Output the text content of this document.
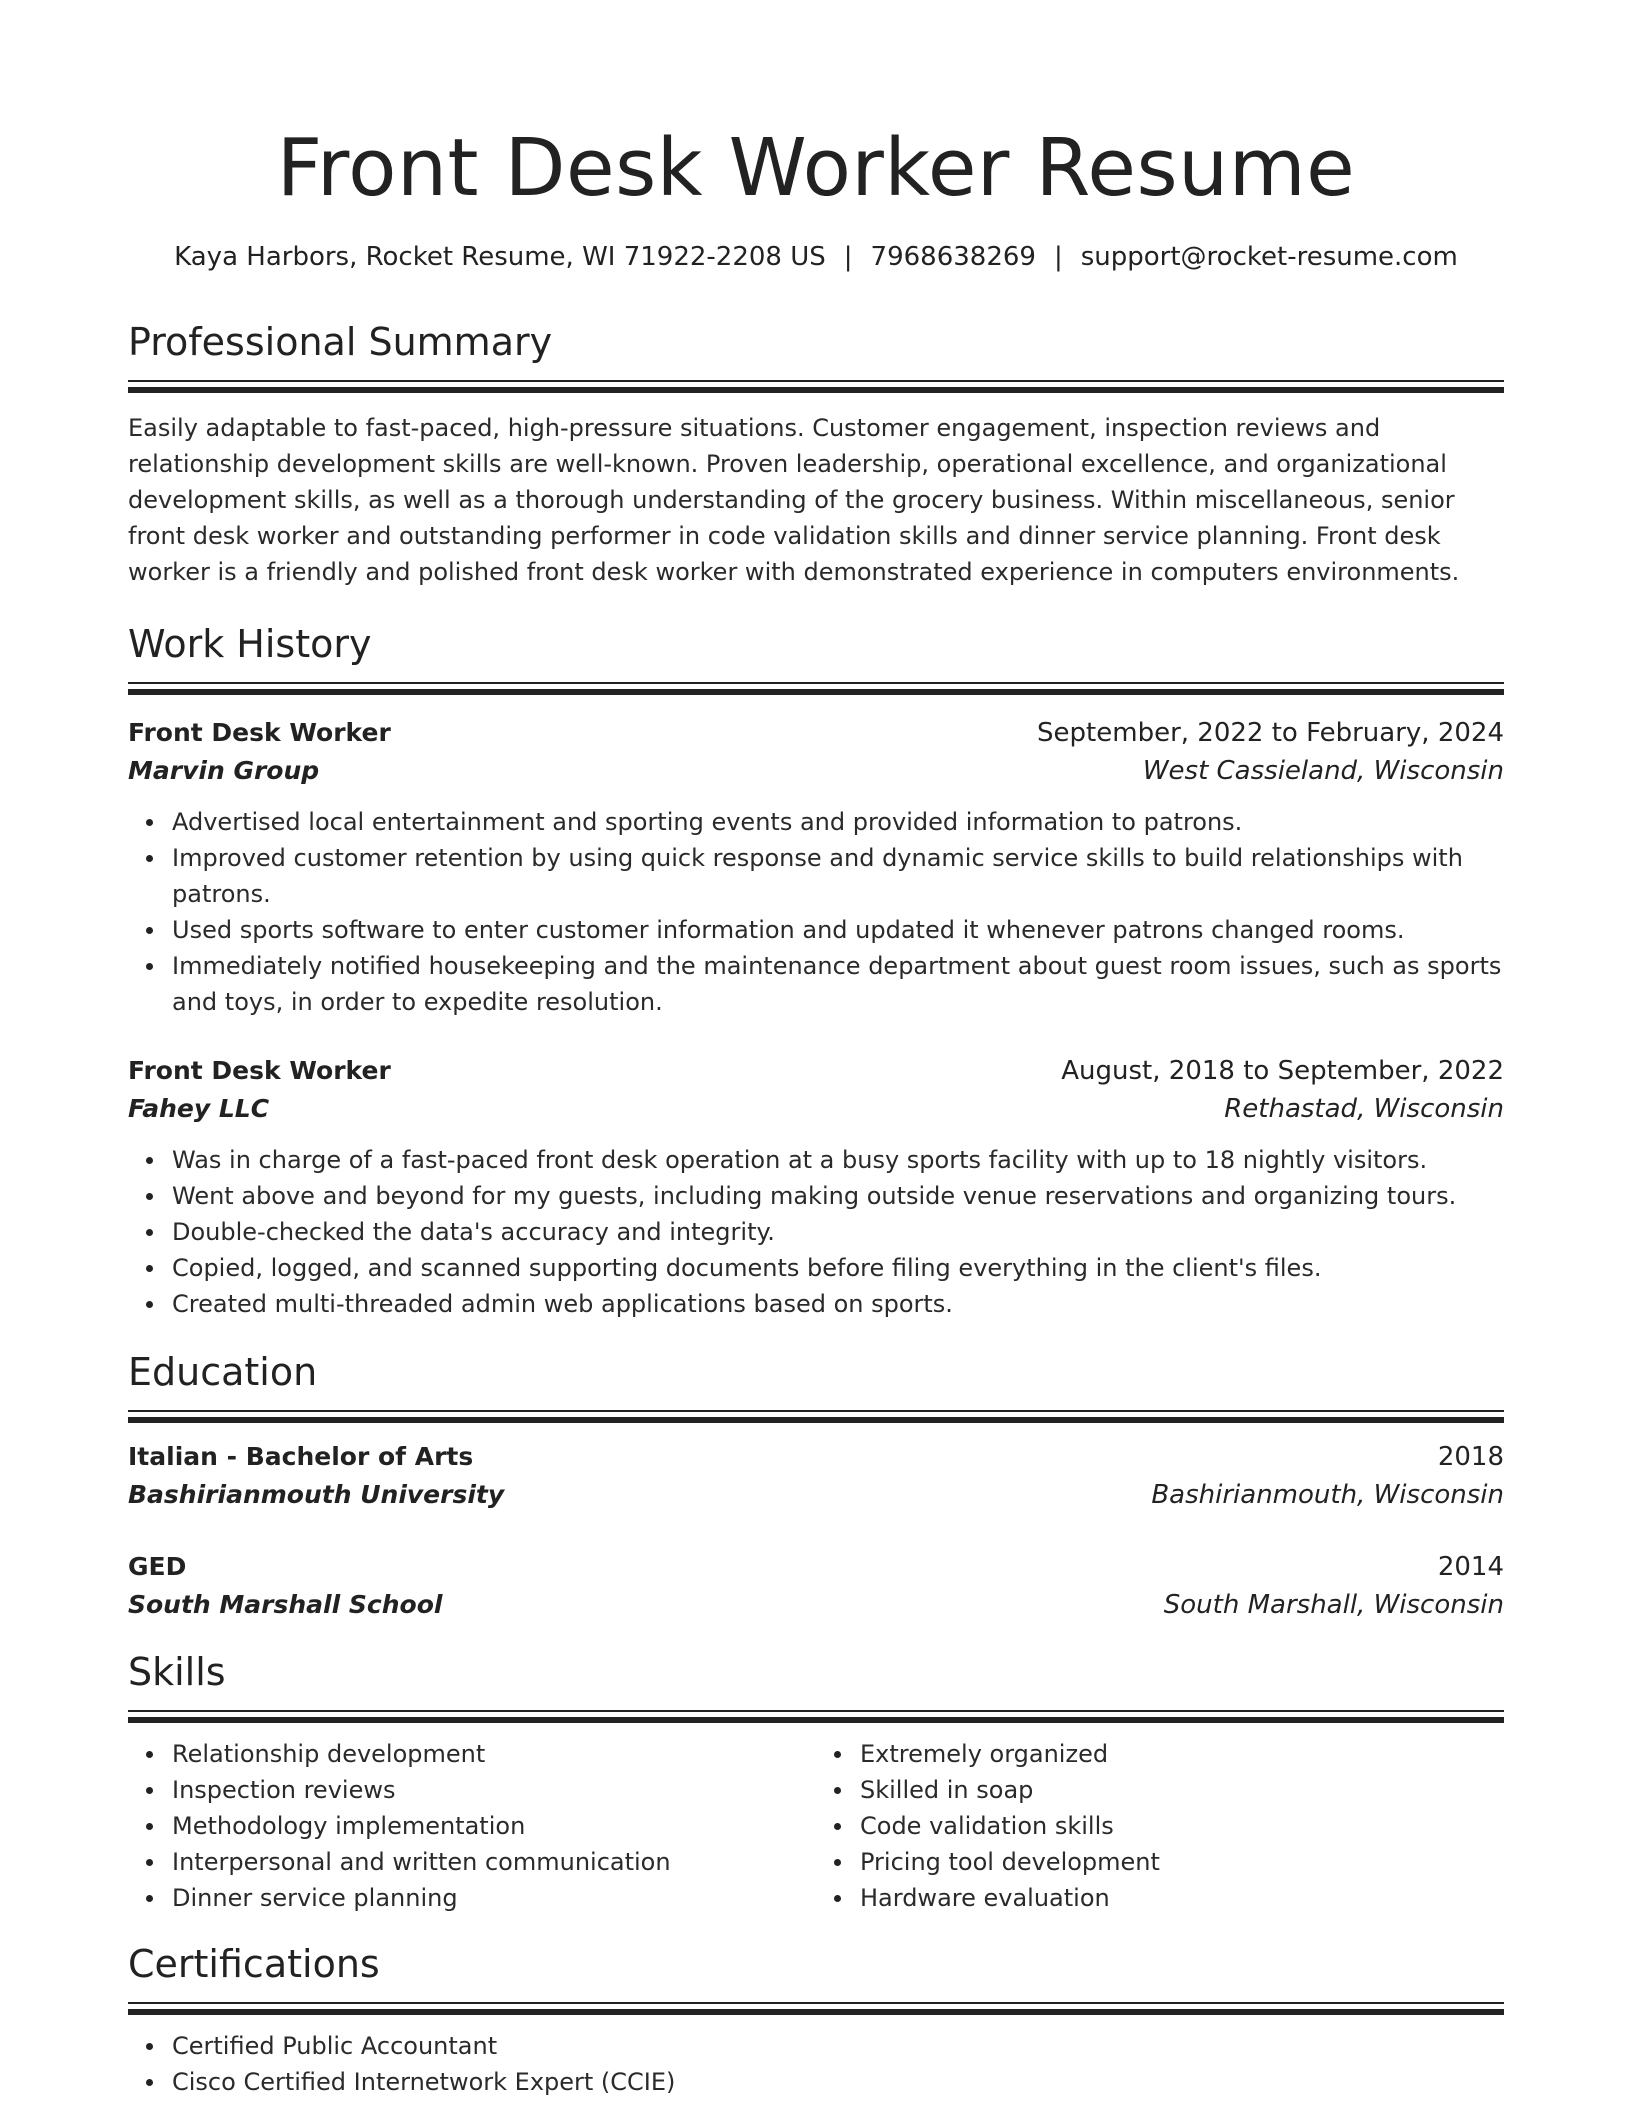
Front Desk Worker Resume
Kaya Harbors, Rocket Resume, WI 71922-2208 US | 7968638269 | support@rocket-resume.com
Professional Summary
Easily adaptable to fast-paced, high-pressure situations. Customer engagement, inspection reviews and relationship development skills are well-known. Proven leadership, operational excellence, and organizational development skills, as well as a thorough understanding of the grocery business. Within miscellaneous, senior front desk worker and outstanding performer in code validation skills and dinner service planning. Front desk worker is a friendly and polished front desk worker with demonstrated experience in computers environments.
Work History
Front Desk Worker	September, 2022 to February, 2024
Marvin Group	West Cassieland, Wisconsin
Advertised local entertainment and sporting events and provided information to patrons.
Improved customer retention by using quick response and dynamic service skills to build relationships with patrons.
Used sports software to enter customer information and updated it whenever patrons changed rooms.
Immediately notified housekeeping and the maintenance department about guest room issues, such as sports and toys, in order to expedite resolution.
Front Desk Worker	August, 2018 to September, 2022
Fahey LLC	Rethastad, Wisconsin
Was in charge of a fast-paced front desk operation at a busy sports facility with up to 18 nightly visitors.
Went above and beyond for my guests, including making outside venue reservations and organizing tours.
Double-checked the data's accuracy and integrity.
Copied, logged, and scanned supporting documents before filing everything in the client's files.
Created multi-threaded admin web applications based on sports.
Education
Italian - Bachelor of Arts	2018
Bashirianmouth University	Bashirianmouth, Wisconsin
GED	2014
South Marshall School	South Marshall, Wisconsin
Skills
Relationship development
Inspection reviews
Methodology implementation
Interpersonal and written communication
Dinner service planning
Extremely organized
Skilled in soap
Code validation skills
Pricing tool development
Hardware evaluation
Certifications
Certified Public Accountant
Cisco Certified Internetwork Expert (CCIE)
